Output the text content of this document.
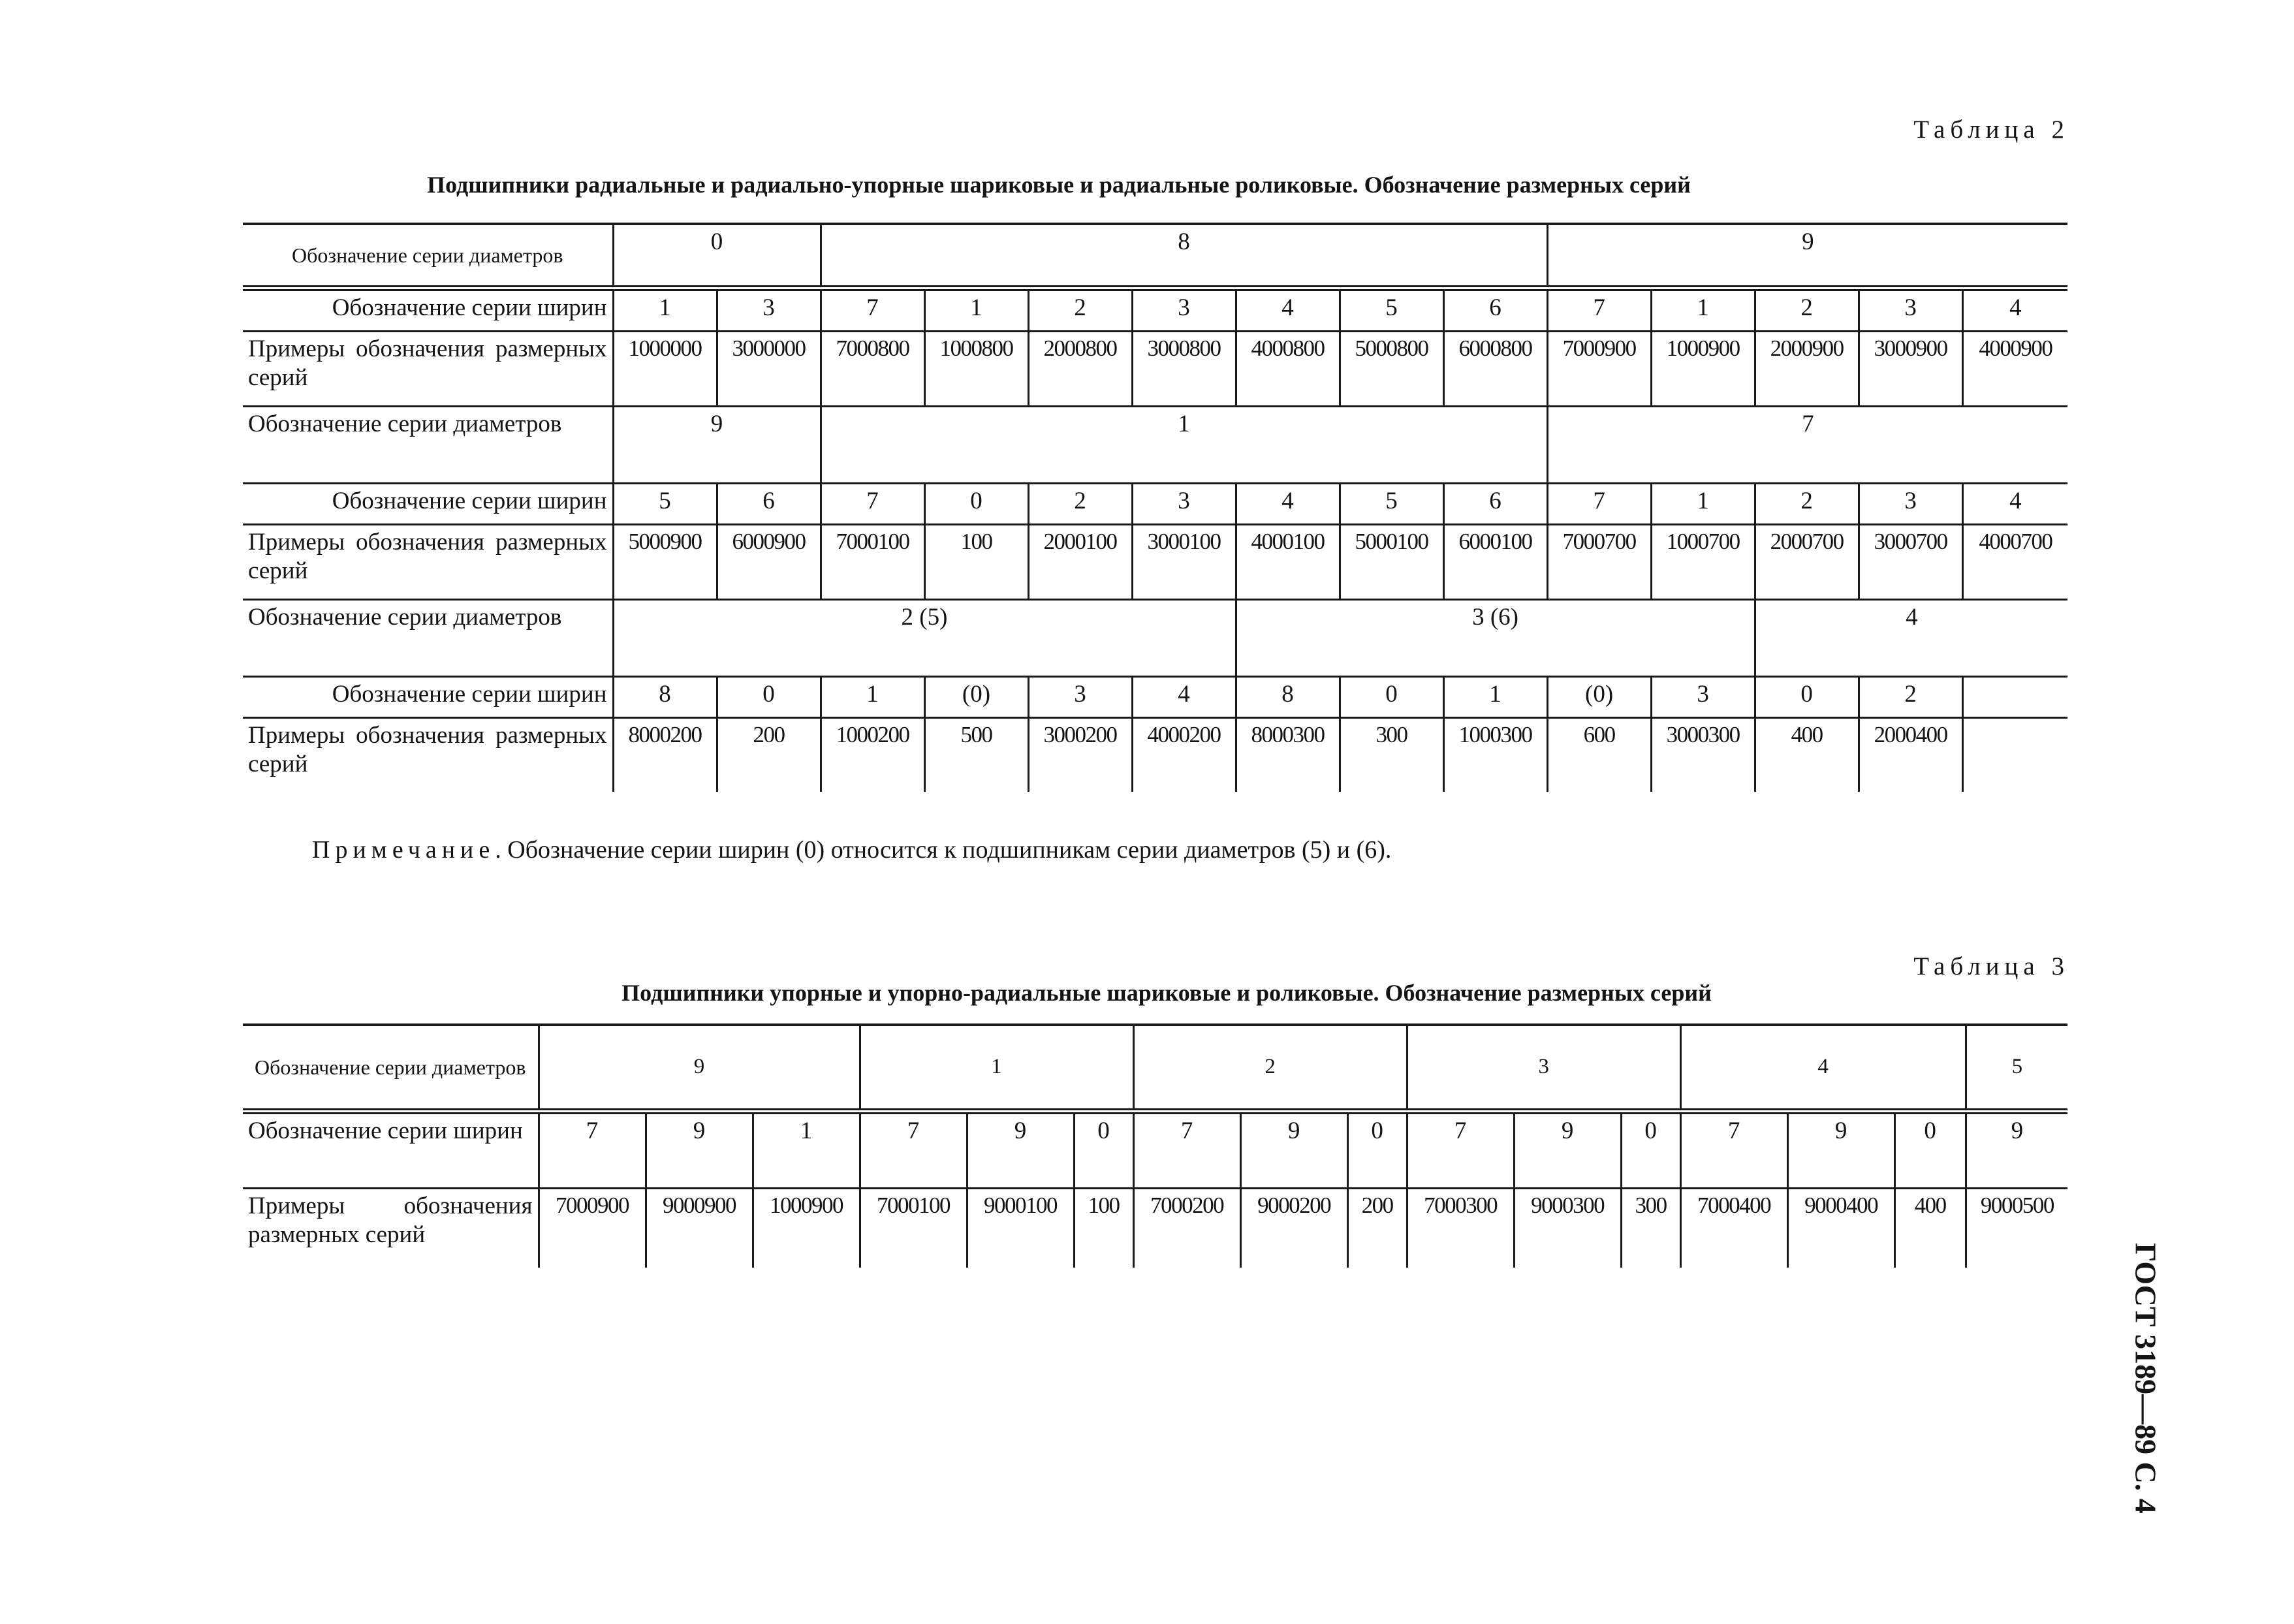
Таблица 2
Подшипники радиальные и радиально-упорные шариковые и радиальные роликовые. Обозначение размерных серий
Обозначение серии диаметров	0		8							9				
Обозначение серии ширин	1	3	7	1	2	3	4	5	6	7	1	2	3	4

Примеры обозначения размерных серий	1000000	3000000	7000800	1000800	2000800	3000800	4000800	5000800	6000800	7000900	1000900	2000900	3000900	4000900

Обозначение серии диаметров	9		1							7				
Обозначение серии ширин	5	6	7	0	2	3	4	5	6	7	1	2	3	4

Примеры обозначения размерных серий	5000900	6000900	7000100	100	2000100	3000100	4000100	5000100	6000100	7000700	1000700	2000700	3000700	4000700

Обозначение серии диаметров	2 (5)						3 (6)					4		
Обозначение серии ширин	8	0	1	(0)	3	4	8	0	1	(0)	3	0	2	

Примеры обозначения размерных серий	8000200	200	1000200	500	3000200	4000200	8000300	300	1000300	600	3000300	400	2000400	
Примечание. Обозначение серии ширин (0) относится к подшипникам серии диаметров (5) и (6).
Таблица 3
Подшипники упорные и упорно-радиальные шариковые и роликовые. Обозначение размерных серий
Обозначение серии диаметров	9			1			2			3			4			5

Обозначение серии ширин	7	9	1	7	9	0	7	9	0	7	9	0	7	9	0	9

Примеры обозначения размерных серий	7000900	9000900	1000900	7000100	9000100	100	7000200	9000200	200	7000300	9000300	300	7000400	9000400	400	9000500
ГОСТ 3189—89 С. 4
